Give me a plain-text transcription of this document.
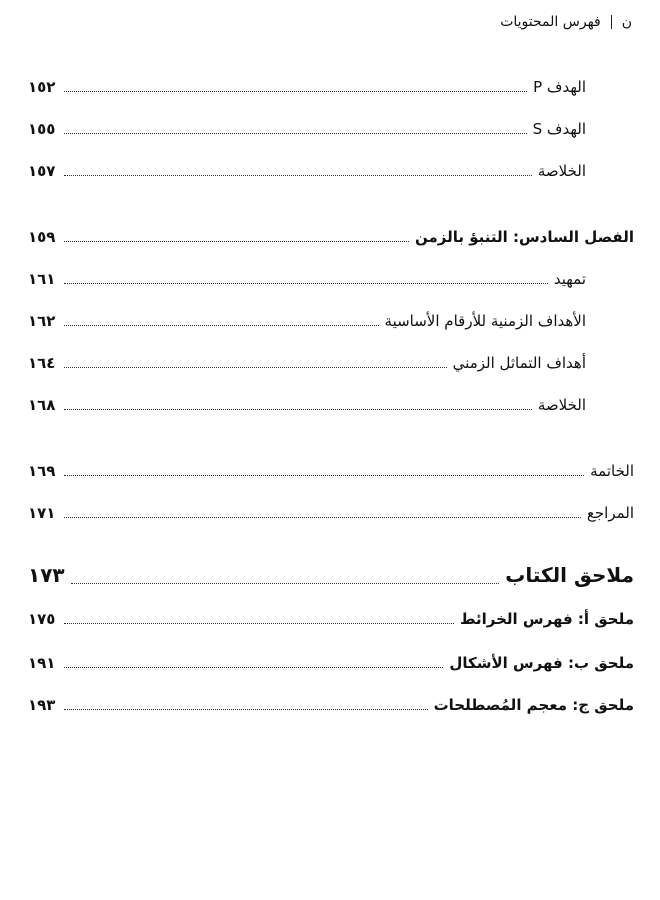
ن
فهرس المحتويات
الهدف P
١٥٢
الهدف S
١٥٥
الخلاصة
١٥٧
الفصل السادس: التنبؤ بالزمن
١٥٩
تمهيد
١٦١
الأهداف الزمنية للأرقام الأساسية
١٦٢
أهداف التماثل الزمني
١٦٤
الخلاصة
١٦٨
الخاتمة
١٦٩
المراجع
١٧١
ملاحق الكتاب
١٧٣
ملحق أ: فهرس الخرائط
١٧٥
ملحق ب: فهرس الأشكال
١٩١
ملحق ج: معجم المُصطلحات
١٩٣
